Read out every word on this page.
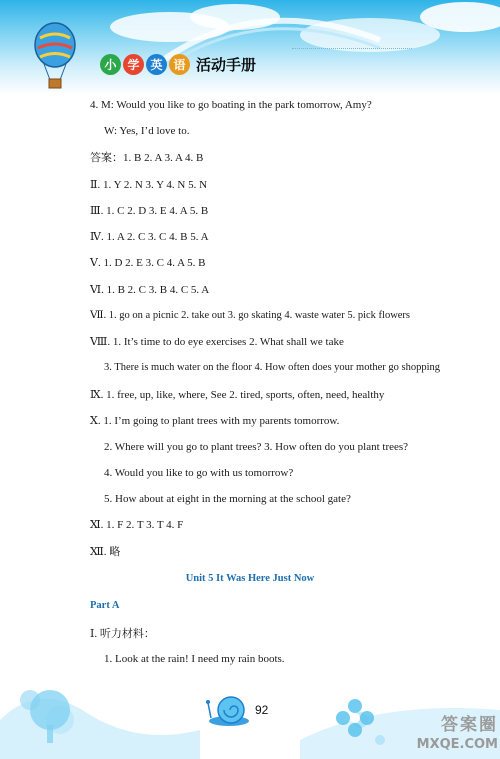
小 学 英 语 活动手册
4. M: Would you like to go boating in the park tomorrow, Amy?
W: Yes, I’d love to.
答案：1. B 2. A 3. A 4. B
Ⅱ. 1. Y 2. N 3. Y 4. N 5. N
Ⅲ. 1. C 2. D 3. E 4. A 5. B
Ⅳ. 1. A 2. C 3. C 4. B 5. A
Ⅴ. 1. D 2. E 3. C 4. A 5. B
Ⅵ. 1. B 2. C 3. B 4. C 5. A
Ⅶ. 1. go on a picnic 2. take out 3. go skating 4. waste water 5. pick flowers
Ⅷ. 1. It’s time to do eye exercises 2. What shall we take
3. There is much water on the floor 4. How often does your mother go shopping
Ⅸ. 1. free, up, like, where, See 2. tired, sports, often, need, healthy
Ⅹ. 1. I’m going to plant trees with my parents tomorrow.
2. Where will you go to plant trees? 3. How often do you plant trees?
4. Would you like to go with us tomorrow?
5. How about at eight in the morning at the school gate?
Ⅺ. 1. F 2. T 3. T 4. F
Ⅻ. 略
Unit 5 It Was Here Just Now
Part A
Ⅰ. 听力材料：
1. Look at the rain! I need my rain boots.
92
答案圈
MXQE.COM
